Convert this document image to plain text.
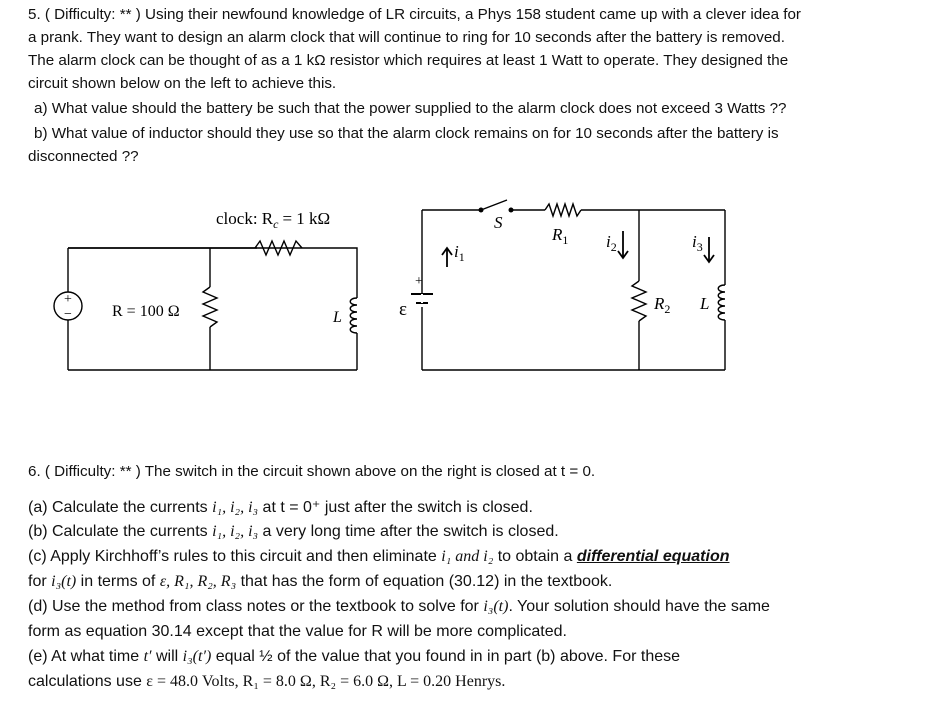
5. ( Difficulty: ** ) Using their newfound knowledge of LR circuits, a Phys 158 student came up with a clever idea for
a prank. They want to design an alarm clock that will continue to ring for 10 seconds after the battery is removed.
The alarm clock can be thought of as a 1 kΩ resistor which requires at least 1 Watt to operate. They designed the
circuit shown below on the left to achieve this.
a) What value should the battery be such that the power supplied to the alarm clock does not exceed 3 Watts ??
b) What value of inductor should they use so that the alarm clock remains on for 10 seconds after the battery is
disconnected ??
+
−
clock: $R_c = 1$ kΩ
R = 100 Ω	L	ε
+
$i_1$
S
$R_1$ $i_2$	$i_3$
$R_2$ L
6. ( Difficulty: ** ) The switch in the circuit shown above on the right is closed at t = 0.
(a) Calculate the currents i₁, i₂, i₃ at t = 0⁺ just after the switch is closed.
(b) Calculate the currents i₁, i₂, i₃ a very long time after the switch is closed.
(c) Apply Kirchhoff’s rules to this circuit and then eliminate i₁ and i₂ to obtain a differential equation
for i₃(t) in terms of ε, R₁, R₂, R₃ that has the form of equation (30.12) in the textbook.
(d) Use the method from class notes or the textbook to solve for i₃(t). Your solution should have the same
form as equation 30.14 except that the value for R will be more complicated.
(e) At what time t′ will i₃(t′) equal ½ of the value that you found in in part (b) above. For these
calculations use ε = 48.0 Volts, R₁ = 8.0 Ω, R₂ = 6.0 Ω, L = 0.20 Henrys.
